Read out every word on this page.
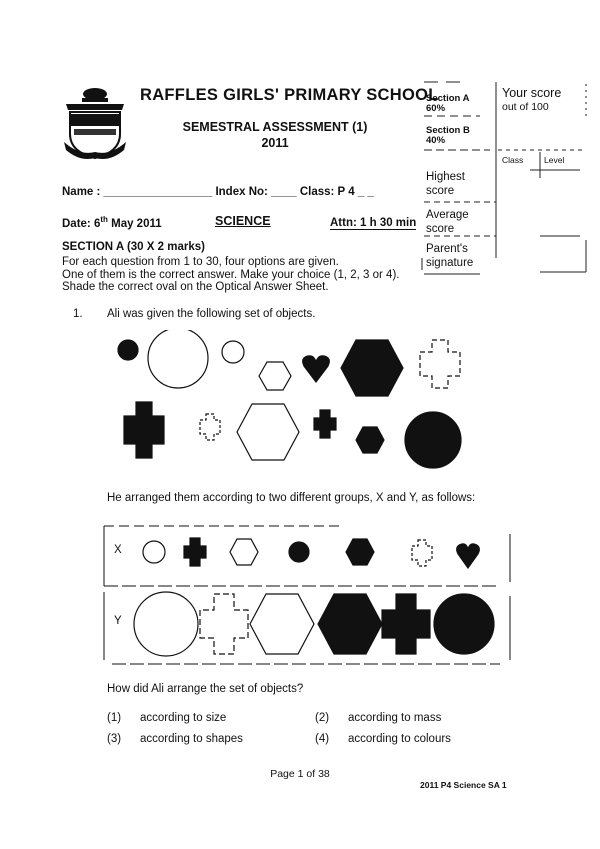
RAFFLES GIRLS' PRIMARY SCHOOL
SEMESTRAL ASSESSMENT (1)
2011
Name : _________________ Index No: ____ Class: P 4 _ _
Date: 6th May 2011	SCIENCE	Attn: 1 h 30 min
Section A
60%
Section B
40%
Your score
out of 100
Class Level
Highest
score
Average
score
Parent's
signature
SECTION A (30 X 2 marks)
For each question from 1 to 30, four options are given.
One of them is the correct answer. Make your choice (1, 2, 3 or 4).
Shade the correct oval on the Optical Answer Sheet.
1. Ali was given the following set of objects.
He arranged them according to two different groups, X and Y, as follows:
X
Y
How did Ali arrange the set of objects?
(1) according to size	(2) according to mass
(3) according to shapes	(4) according to colours
Page 1 of 38
2011 P4 Science SA 1
